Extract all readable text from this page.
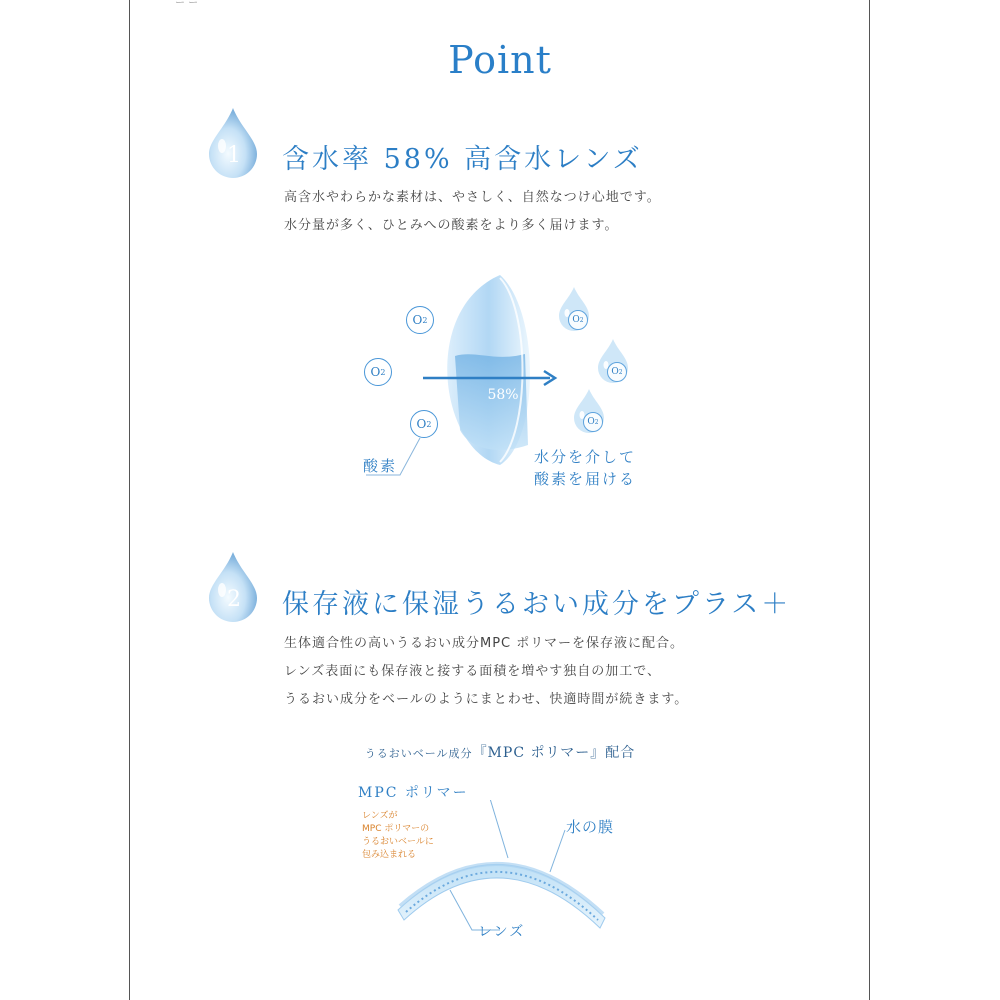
ー ー
Point
1 含水率 58% 高含水レンズ
高含水やわらかな素材は、やさしく、自然なつけ心地です。
水分量が多く、ひとみへの酸素をより多く届けます。
O 2
O 2
O 2
58%
酸素	水分を介して
酸素を届ける
O 2
O 2
O 2
2 保存液に保湿うるおい成分をプラス＋
生体適合性の高いうるおい成分MPC ポリマーを保存液に配合。
レンズ表面にも保存液と接する面積を増やす独自の加工で、
うるおい成分をベールのようにまとわせ、快適時間が続きます。
うるおいベール成分『MPC ポリマー』配合
MPC ポリマー
レンズが
MPC ポリマーの
うるおいベールに
包み込まれる
水の膜
レンズ
